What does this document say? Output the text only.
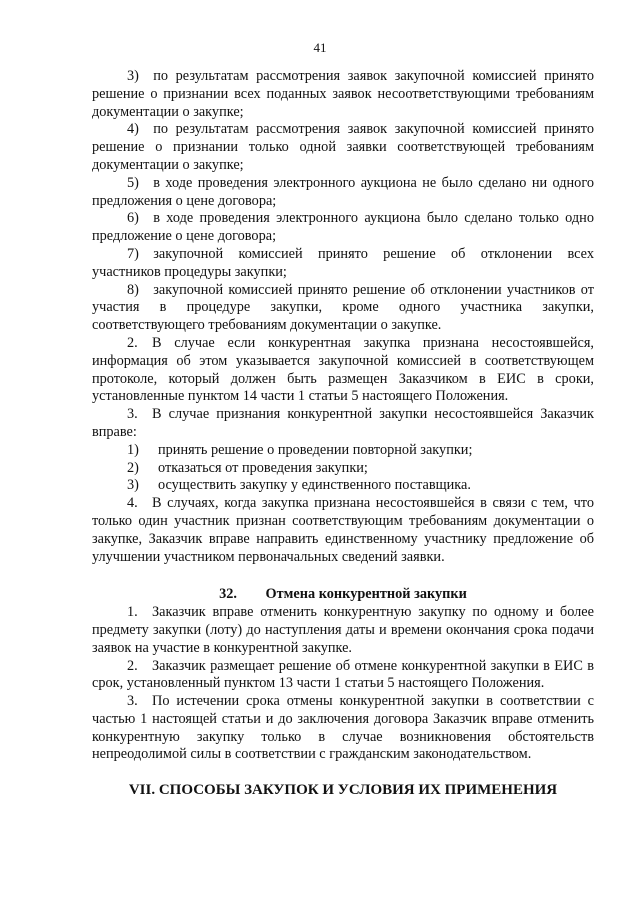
41

3) по результатам рассмотрения заявок закупочной комиссией принято решение о признании всех поданных заявок несоответствующими требованиям документации о закупке;

4) по результатам рассмотрения заявок закупочной комиссией принято решение о признании только одной заявки соответствующей требованиям документации о закупке;

5) в ходе проведения электронного аукциона не было сделано ни одного предложения о цене договора;

6) в ходе проведения электронного аукциона было сделано только одно предложение о цене договора;

7) закупочной комиссией принято решение об отклонении всех участников процедуры закупки;

8) закупочной комиссией принято решение об отклонении участников от участия в процедуре закупки, кроме одного участника закупки, соответствующего требованиям документации о закупке.

2. В случае если конкурентная закупка признана несостоявшейся, информация об этом указывается закупочной комиссией в соответствующем протоколе, который должен быть размещен Заказчиком в ЕИС в сроки, установленные пунктом 14 части 1 статьи 5 настоящего Положения.

3. В случае признания конкурентной закупки несостоявшейся Заказчик вправе:

1)	принять решение о проведении повторной закупки;
2)	отказаться от проведения закупки;
3)	осуществить закупку у единственного поставщика.

4. В случаях, когда закупка признана несостоявшейся в связи с тем, что только один участник признан соответствующим требованиям документации о закупке, Заказчик вправе направить единственному участнику предложение об улучшении участником первоначальных сведений заявки.

32.  Отмена конкурентной закупки

1. Заказчик вправе отменить конкурентную закупку по одному и более предмету закупки (лоту) до наступления даты и времени окончания срока подачи заявок на участие в конкурентной закупке.

2. Заказчик размещает решение об отмене конкурентной закупки в ЕИС в срок, установленный пунктом 13 части 1 статьи 5 настоящего Положения.

3. По истечении срока отмены конкурентной закупки в соответствии с частью 1 настоящей статьи и до заключения договора Заказчик вправе отменить конкурентную закупку только в случае возникновения обстоятельств непреодолимой силы в соответствии с гражданским законодательством.

VII. СПОСОБЫ ЗАКУПОК И УСЛОВИЯ ИХ ПРИМЕНЕНИЯ
